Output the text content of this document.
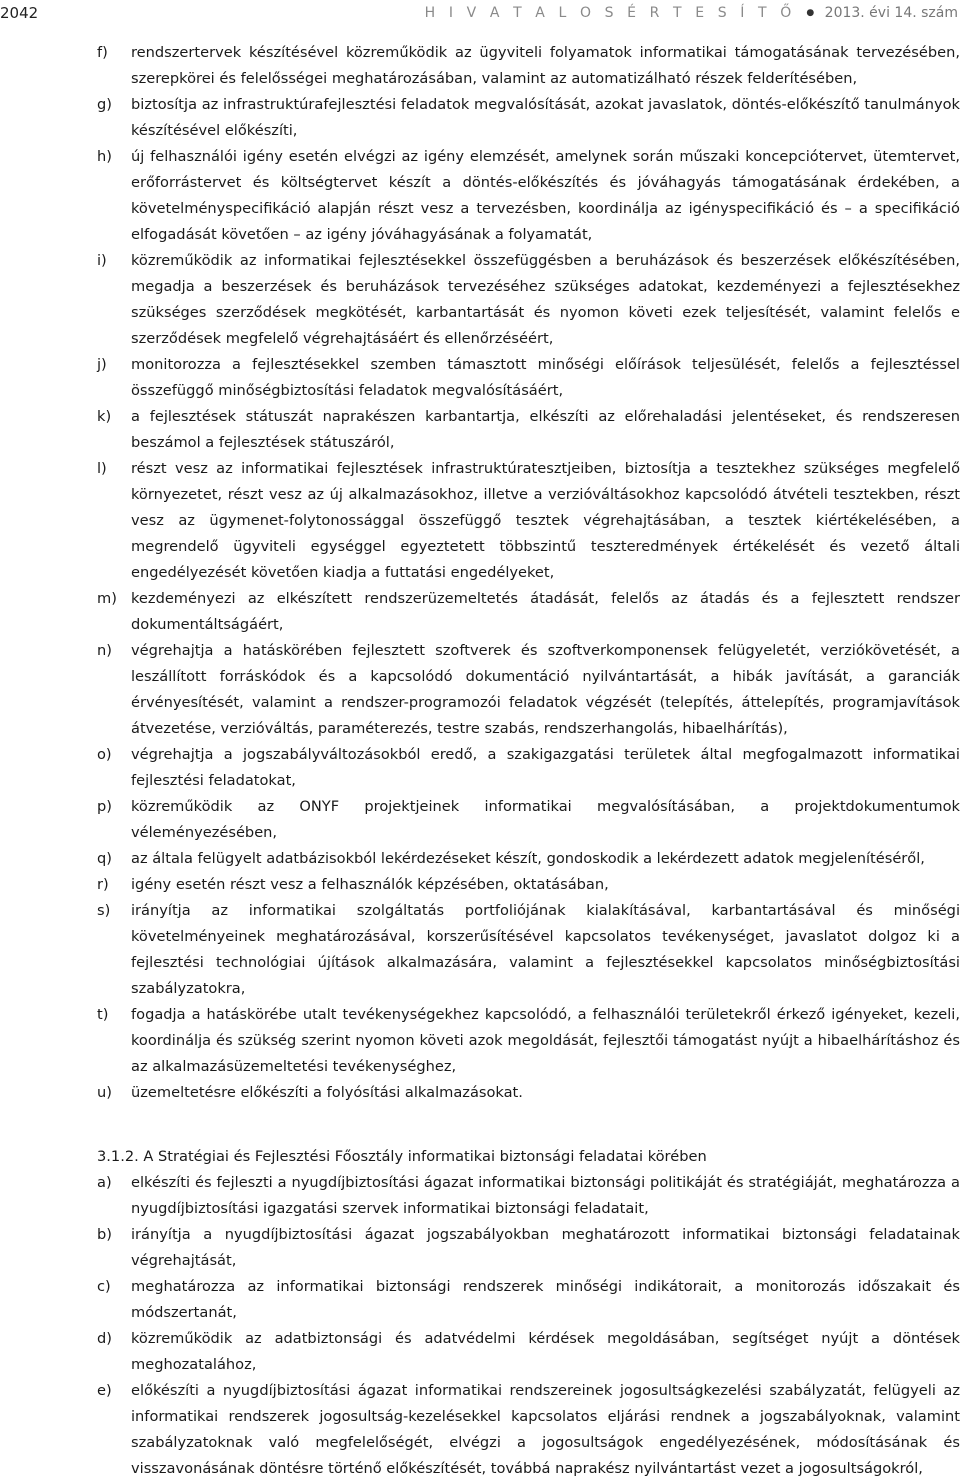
2042	H I V A T A L O S É R T E S Í T Ő ● 2013. évi 14. szám
f) rendszertervek készítésével közreműködik az ügyviteli folyamatok informatikai támogatásának tervezésében, szerepkörei és felelősségei meghatározásában, valamint az automatizálható részek felderítésében,
g) biztosítja az infrastruktúrafejlesztési feladatok megvalósítását, azokat javaslatok, döntés-előkészítő tanulmányok készítésével előkészíti,
h) új felhasználói igény esetén elvégzi az igény elemzését, amelynek során műszaki koncepciótervet, ütemtervet, erőforrástervet és költségtervet készít a döntés-előkészítés és jóváhagyás támogatásának érdekében, a követelményspecifikáció alapján részt vesz a tervezésben, koordinálja az igényspecifikáció és – a specifikáció elfogadását követően – az igény jóváhagyásának a folyamatát,
i) közreműködik az informatikai fejlesztésekkel összefüggésben a beruházások és beszerzések előkészítésében, megadja a beszerzések és beruházások tervezéséhez szükséges adatokat, kezdeményezi a fejlesztésekhez szükséges szerződések megkötését, karbantartását és nyomon követi ezek teljesítését, valamint felelős e szerződések megfelelő végrehajtásáért és ellenőrzéséért,
j) monitorozza a fejlesztésekkel szemben támasztott minőségi előírások teljesülését, felelős a fejlesztéssel összefüggő minőségbiztosítási feladatok megvalósításáért,
k) a fejlesztések státuszát naprakészen karbantartja, elkészíti az előrehaladási jelentéseket, és rendszeresen beszámol a fejlesztések státuszáról,
l) részt vesz az informatikai fejlesztések infrastruktúratesztjeiben, biztosítja a tesztekhez szükséges megfelelő környezetet, részt vesz az új alkalmazásokhoz, illetve a verzióváltásokhoz kapcsolódó átvételi tesztekben, részt vesz az ügymenet-folytonossággal összefüggő tesztek végrehajtásában, a tesztek kiértékelésében, a megrendelő ügyviteli egységgel egyeztetett többszintű teszteredmények értékelését és vezető általi engedélyezését követően kiadja a futtatási engedélyeket,
m) kezdeményezi az elkészített rendszerüzemeltetés átadását, felelős az átadás és a fejlesztett rendszer dokumentáltságáért,
n) végrehajtja a hatáskörében fejlesztett szoftverek és szoftverkomponensek felügyeletét, verziókövetését, a leszállított forráskódok és a kapcsolódó dokumentáció nyilvántartását, a hibák javítását, a garanciák érvényesítését, valamint a rendszer-programozói feladatok végzését (telepítés, áttelepítés, programjavítások átvezetése, verzióváltás, paraméterezés, testre szabás, rendszerhangolás, hibaelhárítás),
o) végrehajtja a jogszabályváltozásokból eredő, a szakigazgatási területek által megfogalmazott informatikai fejlesztési feladatokat,
p) közreműködik az ONYF projektjeinek informatikai megvalósításában, a projektdokumentumok véleményezésében,
q) az általa felügyelt adatbázisokból lekérdezéseket készít, gondoskodik a lekérdezett adatok megjelenítéséről,
r) igény esetén részt vesz a felhasználók képzésében, oktatásában,
s) irányítja az informatikai szolgáltatás portfoliójának kialakításával, karbantartásával és minőségi követelményeinek meghatározásával, korszerűsítésével kapcsolatos tevékenységet, javaslatot dolgoz ki a fejlesztési technológiai újítások alkalmazására, valamint a fejlesztésekkel kapcsolatos minőségbiztosítási szabályzatokra,
t) fogadja a hatáskörébe utalt tevékenységekhez kapcsolódó, a felhasználói területekről érkező igényeket, kezeli, koordinálja és szükség szerint nyomon követi azok megoldását, fejlesztői támogatást nyújt a hibaelhárításhoz és az alkalmazásüzemeltetési tevékenységhez,
u) üzemeltetésre előkészíti a folyósítási alkalmazásokat.
3.1.2. A Stratégiai és Fejlesztési Főosztály informatikai biztonsági feladatai körében
a) elkészíti és fejleszti a nyugdíjbiztosítási ágazat informatikai biztonsági politikáját és stratégiáját, meghatározza a nyugdíjbiztosítási igazgatási szervek informatikai biztonsági feladatait,
b) irányítja a nyugdíjbiztosítási ágazat jogszabályokban meghatározott informatikai biztonsági feladatainak végrehajtását,
c) meghatározza az informatikai biztonsági rendszerek minőségi indikátorait, a monitorozás időszakait és módszertanát,
d) közreműködik az adatbiztonsági és adatvédelmi kérdések megoldásában, segítséget nyújt a döntések meghozatalához,
e) előkészíti a nyugdíjbiztosítási ágazat informatikai rendszereinek jogosultságkezelési szabályzatát, felügyeli az informatikai rendszerek jogosultság-kezelésekkel kapcsolatos eljárási rendnek a jogszabályoknak, valamint szabályzatoknak való megfelelőségét, elvégzi a jogosultságok engedélyezésének, módosításának és visszavonásának döntésre történő előkészítését, továbbá naprakész nyilvántartást vezet a jogosultságokról,
